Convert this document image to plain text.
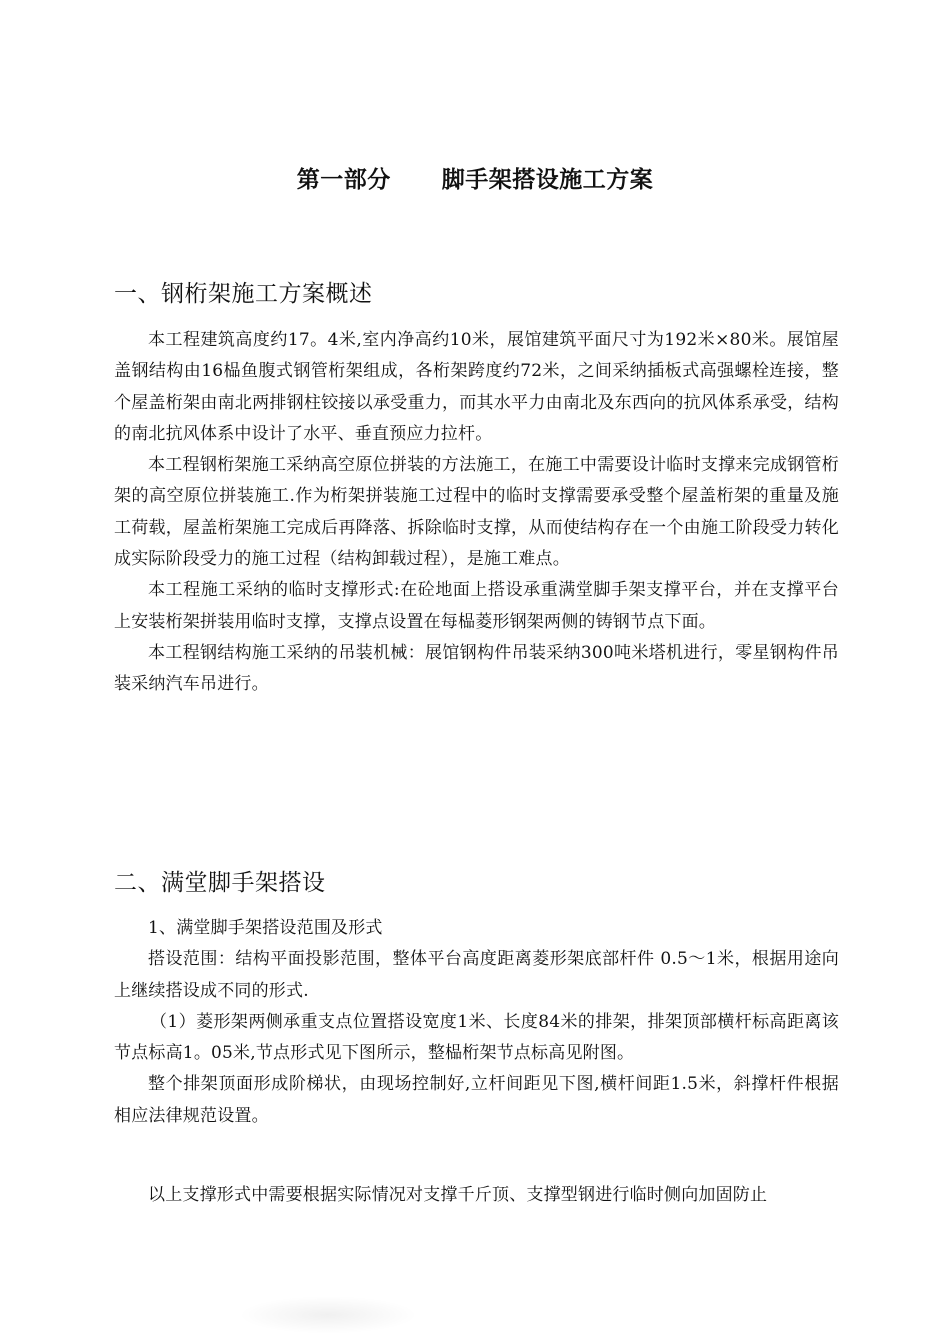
第一部分      脚手架搭设施工方案
一、钢桁架施工方案概述

本工程建筑高度约17。4米,室内净高约10米，展馆建筑平面尺寸为192米×80米。展馆屋盖钢结构由16榀鱼腹式钢管桁架组成，各桁架跨度约72米，之间采纳插板式高强螺栓连接，整个屋盖桁架由南北两排钢柱铰接以承受重力，而其水平力由南北及东西向的抗风体系承受，结构的南北抗风体系中设计了水平、垂直预应力拉杆。

本工程钢桁架施工采纳高空原位拼装的方法施工，在施工中需要设计临时支撑来完成钢管桁架的高空原位拼装施工.作为桁架拼装施工过程中的临时支撑需要承受整个屋盖桁架的重量及施工荷载，屋盖桁架施工完成后再降落、拆除临时支撑，从而使结构存在一个由施工阶段受力转化成实际阶段受力的施工过程（结构卸载过程），是施工难点。

本工程施工采纳的临时支撑形式:在砼地面上搭设承重满堂脚手架支撑平台，并在支撑平台上安装桁架拼装用临时支撑，支撑点设置在每榀菱形钢架两侧的铸钢节点下面。

本工程钢结构施工采纳的吊装机械：展馆钢构件吊装采纳300吨米塔机进行，零星钢构件吊装采纳汽车吊进行。

二、满堂脚手架搭设

1、满堂脚手架搭设范围及形式

搭设范围：结构平面投影范围，整体平台高度距离菱形架底部杆件 0.5～1米，根据用途向上继续搭设成不同的形式.

（1）菱形架两侧承重支点位置搭设宽度1米、长度84米的排架，排架顶部横杆标高距离该节点标高1。05米,节点形式见下图所示，整榀桁架节点标高见附图。

整个排架顶面形成阶梯状，由现场控制好,立杆间距见下图,横杆间距1.5米，斜撑杆件根据相应法律规范设置。

以上支撑形式中需要根据实际情况对支撑千斤顶、支撑型钢进行临时侧向加固防止
